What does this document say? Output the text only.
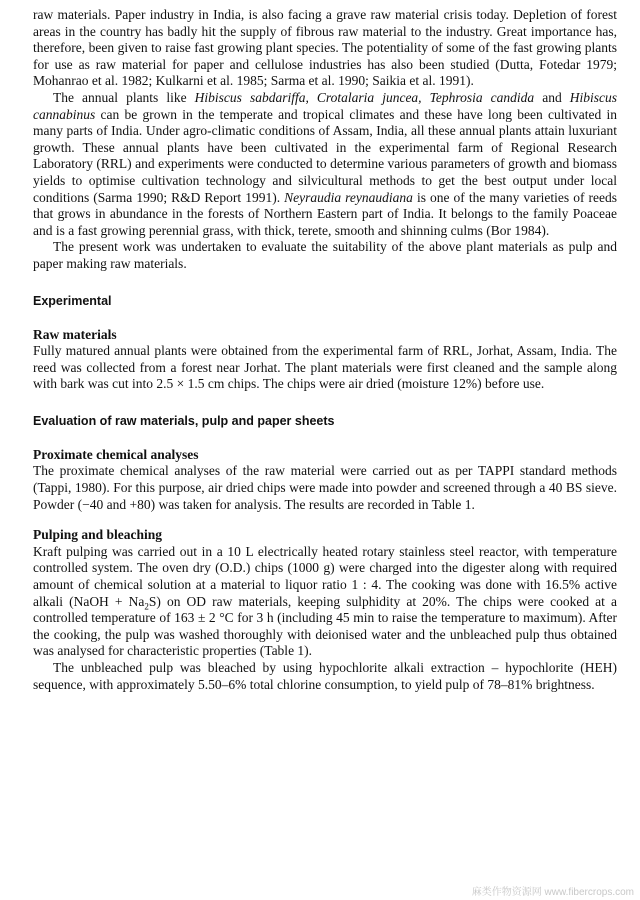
raw materials. Paper industry in India, is also facing a grave raw material crisis today. Depletion of forest areas in the country has badly hit the supply of fibrous raw material to the industry. Great importance has, therefore, been given to raise fast growing plant species. The potentiality of some of the fast growing plants for use as raw material for paper and cellulose industries has also been studied (Dutta, Fotedar 1979; Mohanrao et al. 1982; Kulkarni et al. 1985; Sarma et al. 1990; Saikia et al. 1991).

The annual plants like Hibiscus sabdariffa, Crotalaria juncea, Tephrosia candida and Hibiscus cannabinus can be grown in the temperate and tropical climates and these have long been cultivated in many parts of India. Under agro-climatic conditions of Assam, India, all these annual plants attain luxuriant growth. These annual plants have been cultivated in the experimental farm of Regional Research Laboratory (RRL) and experiments were conducted to determine various parameters of growth and biomass yields to optimise cultivation technology and silvicultural methods to get the best output under local conditions (Sarma 1990; R&D Report 1991). Neyraudia reynaudiana is one of the many varieties of reeds that grows in abundance in the forests of Northern Eastern part of India. It belongs to the family Poaceae and is a fast growing perennial grass, with thick, terete, smooth and shinning culms (Bor 1984).

The present work was undertaken to evaluate the suitability of the above plant materials as pulp and paper making raw materials.

Experimental
Raw materials

Fully matured annual plants were obtained from the experimental farm of RRL, Jorhat, Assam, India. The reed was collected from a forest near Jorhat. The plant materials were first cleaned and the sample along with bark was cut into 2.5 × 1.5 cm chips. The chips were air dried (moisture 12%) before use.

Evaluation of raw materials, pulp and paper sheets
Proximate chemical analyses

The proximate chemical analyses of the raw material were carried out as per TAPPI standard methods (Tappi, 1980). For this purpose, air dried chips were made into powder and screened through a 40 BS sieve. Powder (−40 and +80) was taken for analysis. The results are recorded in Table 1.

Pulping and bleaching

Kraft pulping was carried out in a 10 L electrically heated rotary stainless steel reactor, with temperature controlled system. The oven dry (O.D.) chips (1000 g) were charged into the digester along with required amount of chemical solution at a material to liquor ratio 1 : 4. The cooking was done with 16.5% active alkali (NaOH + $Na_2S$) on OD raw materials, keeping sulphidity at 20%. The chips were cooked at a controlled temperature of 163 ± 2 °C for 3 h (including 45 min to raise the temperature to maximum). After the cooking, the pulp was washed thoroughly with deionised water and the unbleached pulp thus obtained was analysed for characteristic properties (Table 1).

The unbleached pulp was bleached by using hypochlorite alkali extraction – hypochlorite (HEH) sequence, with approximately 5.50–6% total chlorine consumption, to yield pulp of 78–81% brightness.

麻类作物资源网 www.fibercrops.com
